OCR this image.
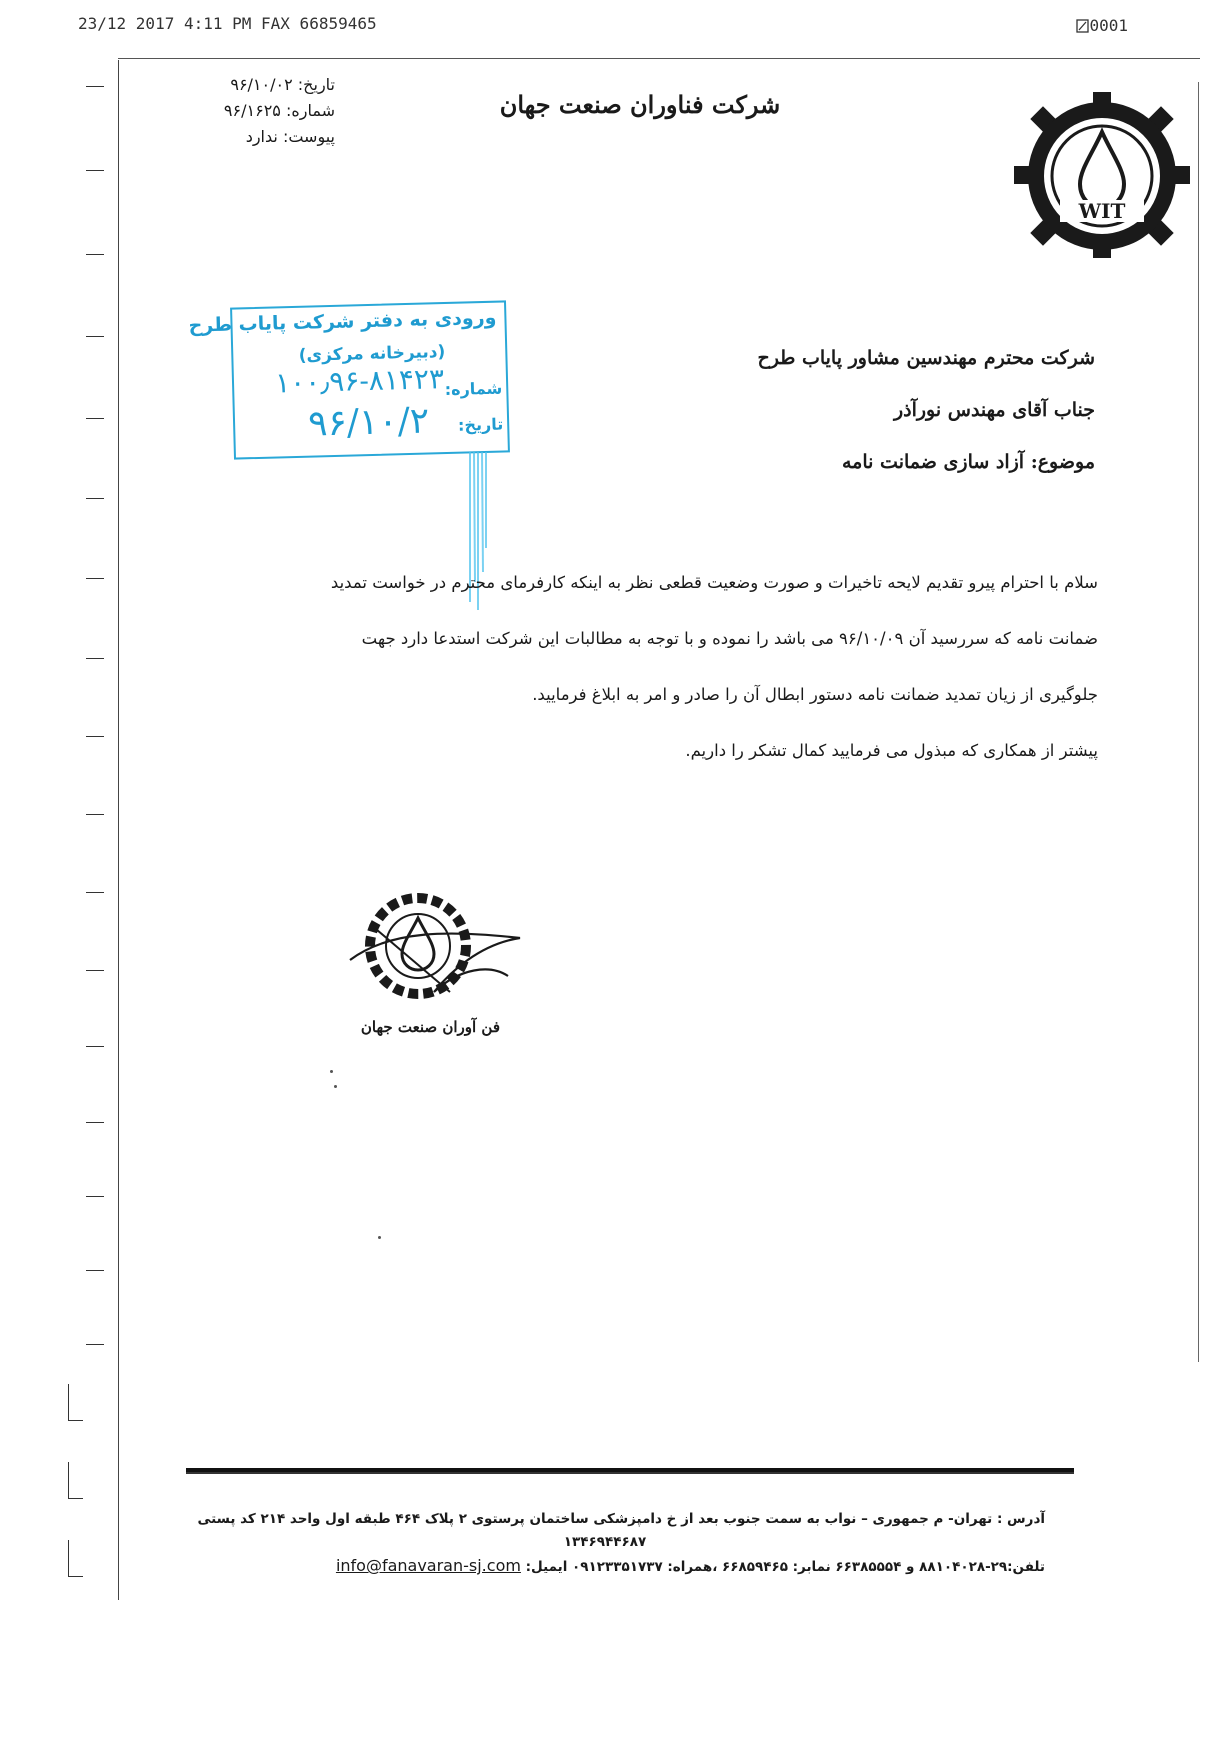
23/12 2017 4:11 PM FAX 66859465	0001
تاریخ: ۹۶/۱۰/۰۲
شماره: ۹۶/۱۶۲۵
پیوست: ندارد
شرکت فناوران صنعت جهان
WIT
ورودی به دفتر شرکت پایاب طرح
(دبیرخانه مرکزی)
شماره:
۱۰۰٫۹۶-۸۱۴۲۳
تاریخ:
۹۶/۱۰/۲
شرکت محترم مهندسین مشاور پایاب طرح
جناب آقای مهندس نورآذر
موضوع: آزاد سازی ضمانت نامه

سلام با احترام پیرو تقدیم لایحه تاخیرات و صورت وضعیت قطعی نظر به اینکه کارفرمای محترم در خواست تمدید

ضمانت نامه که سررسید آن ۹۶/۱۰/۰۹ می باشد را نموده و با توجه به مطالبات این شرکت استدعا دارد جهت

جلوگیری از زیان تمدید ضمانت نامه دستور ابطال آن را صادر و امر به ابلاغ فرمایید.

پیشتر از همکاری که مبذول می فرمایید کمال تشکر را داریم.

فن آوران صنعت جهان
آدرس : تهران- م جمهوری – نواب به سمت جنوب بعد از خ دامپزشکی ساختمان پرستوی ۲ پلاک ۴۶۴ طبقه اول واحد ۲۱۴ کد پستی
۱۳۴۶۹۴۴۶۸۷
تلفن:۲۹-۸۸۱۰۴۰۲۸ و ۶۶۳۸۵۵۵۴ نمابر: ۶۶۸۵۹۴۶۵ ،همراه: ۰۹۱۲۳۳۵۱۷۳۷ ایمیل: info@fanavaran-sj.com
